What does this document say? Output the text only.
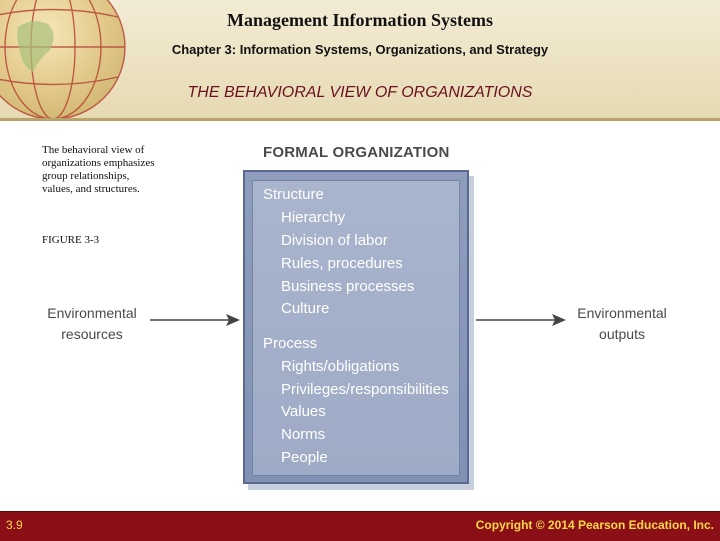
Management Information Systems
Chapter 3: Information Systems, Organizations, and Strategy
THE BEHAVIORAL VIEW OF ORGANIZATIONS
The behavioral view of organizations emphasizes group relationships, values, and structures.
FIGURE 3-3
FORMAL ORGANIZATION
Structure
Hierarchy
Division of labor
Rules, procedures
Business processes
Culture
Process
Rights/obligations
Privileges/responsibilities
Values
Norms
People
Environmental
resources
Environmental
outputs
3.9	Copyright © 2014 Pearson Education, Inc.
